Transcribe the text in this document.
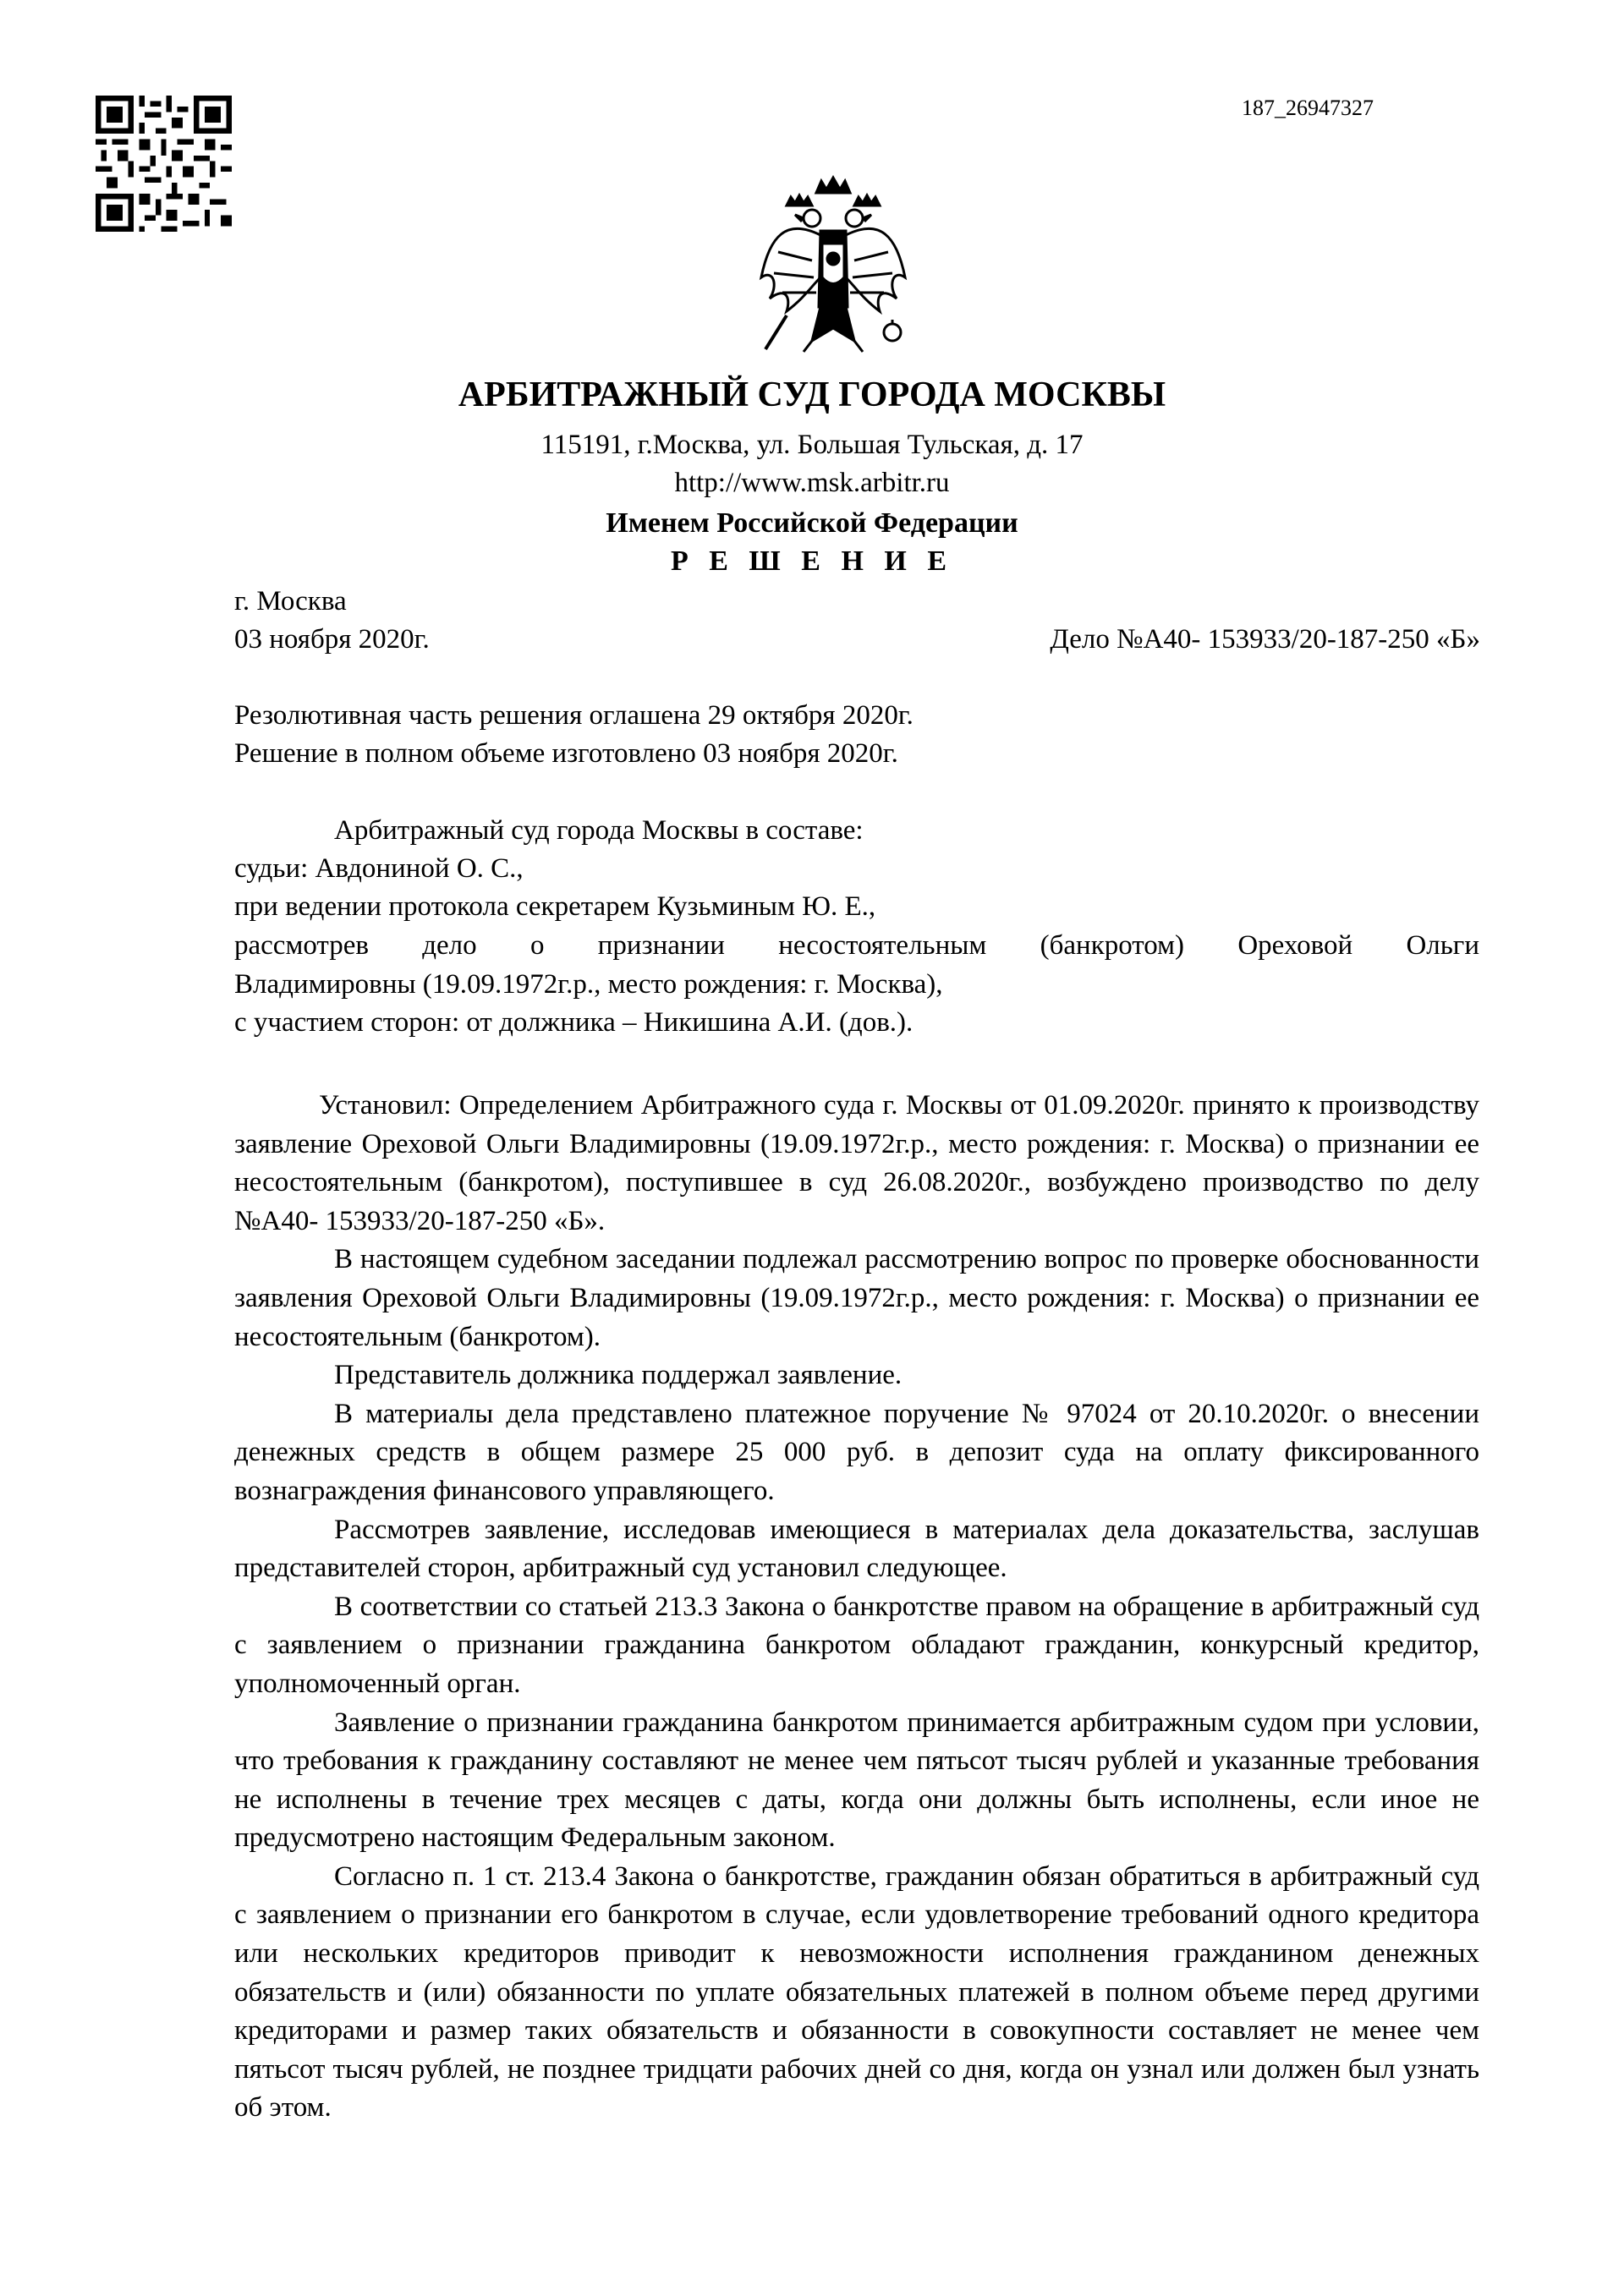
187_26947327
АРБИТРАЖНЫЙ СУД ГОРОДА МОСКВЫ
115191, г.Москва, ул. Большая Тульская, д. 17
http://www.msk.arbitr.ru
Именем Российской Федерации
Р Е Ш Е Н И Е
г. Москва
03 ноября 2020г.	Дело №А40- 153933/20-187-250 «Б»
Резолютивная часть решения оглашена 29 октября 2020г.
Решение в полном объеме изготовлено 03 ноября 2020г.
Арбитражный суд города Москвы в составе:
судьи: Авдониной О. С.,
при ведении протокола секретарем Кузьминым Ю. Е.,
рассмотрев дело о признании несостоятельным (банкротом) Ореховой Ольги
Владимировны (19.09.1972г.р., место рождения: г. Москва),
с участием сторон: от должника – Никишина А.И. (дов.).

Установил: Определением Арбитражного суда г. Москвы от 01.09.2020г. принято к производству заявление Ореховой Ольги Владимировны (19.09.1972г.р., место рождения: г. Москва) о признании ее несостоятельным (банкротом), поступившее в суд 26.08.2020г., возбуждено производство по делу №А40- 153933/20-187-250 «Б».

В настоящем судебном заседании подлежал рассмотрению вопрос по проверке обоснованности заявления Ореховой Ольги Владимировны (19.09.1972г.р., место рождения: г. Москва) о признании ее несостоятельным (банкротом).

Представитель должника поддержал заявление.

В материалы дела представлено платежное поручение № 97024 от 20.10.2020г. о внесении денежных средств в общем размере 25 000 руб. в депозит суда на оплату фиксированного вознаграждения финансового управляющего.

Рассмотрев заявление, исследовав имеющиеся в материалах дела доказательства, заслушав представителей сторон, арбитражный суд установил следующее.

В соответствии со статьей 213.3 Закона о банкротстве правом на обращение в арбитражный суд с заявлением о признании гражданина банкротом обладают гражданин, конкурсный кредитор, уполномоченный орган.

Заявление о признании гражданина банкротом принимается арбитражным судом при условии, что требования к гражданину составляют не менее чем пятьсот тысяч рублей и указанные требования не исполнены в течение трех месяцев с даты, когда они должны быть исполнены, если иное не предусмотрено настоящим Федеральным законом.

Согласно п. 1 ст. 213.4 Закона о банкротстве, гражданин обязан обратиться в арбитражный суд с заявлением о признании его банкротом в случае, если удовлетворение требований одного кредитора или нескольких кредиторов приводит к невозможности исполнения гражданином денежных обязательств и (или) обязанности по уплате обязательных платежей в полном объеме перед другими кредиторами и размер таких обязательств и обязанности в совокупности составляет не менее чем пятьсот тысяч рублей, не позднее тридцати рабочих дней со дня, когда он узнал или должен был узнать об этом.
